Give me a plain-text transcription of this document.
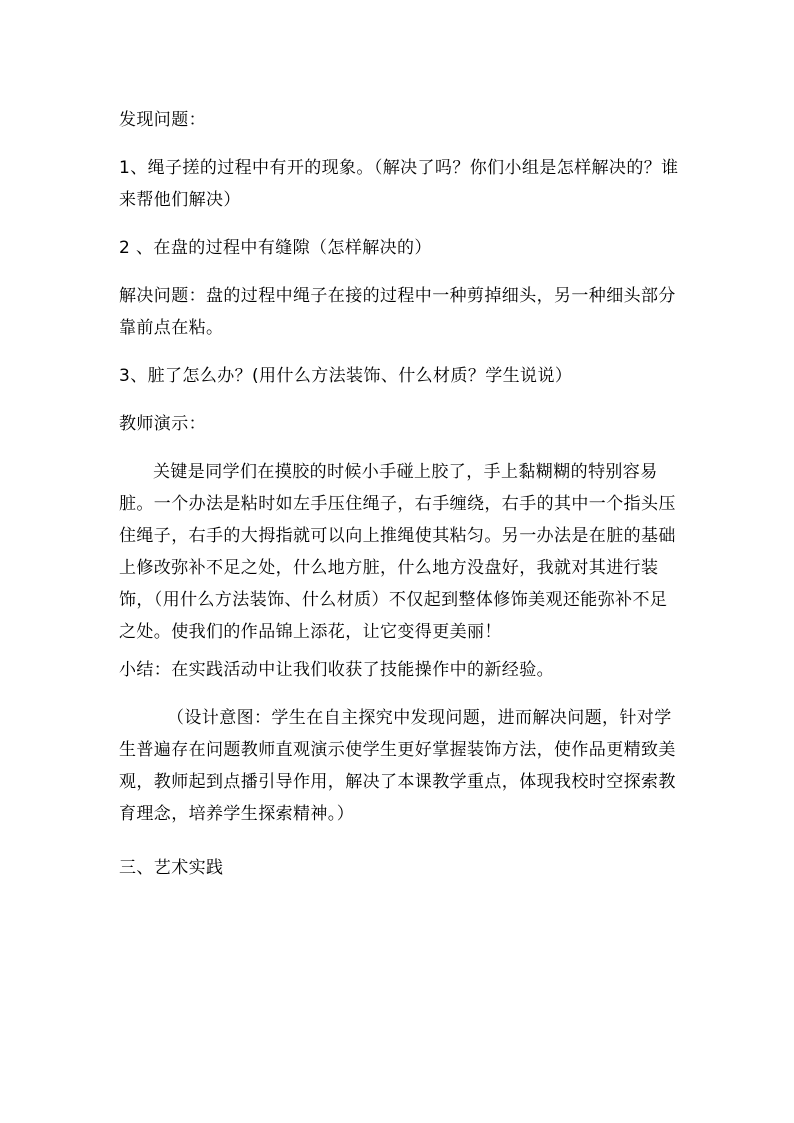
发现问题：

1、绳子搓的过程中有开的现象。（解决了吗？你们小组是怎样解决的？谁来帮他们解决）

2 、在盘的过程中有缝隙（怎样解决的）

解决问题：盘的过程中绳子在接的过程中一种剪掉细头，另一种细头部分靠前点在粘。

3、脏了怎么办？(用什么方法装饰、什么材质？学生说说）

教师演示：

关键是同学们在摸胶的时候小手碰上胶了，手上黏糊糊的特别容易脏。一个办法是粘时如左手压住绳子，右手缠绕，右手的其中一个指头压住绳子，右手的大拇指就可以向上推绳使其粘匀。另一办法是在脏的基础上修改弥补不足之处，什么地方脏，什么地方没盘好，我就对其进行装饰，（用什么方法装饰、什么材质）不仅起到整体修饰美观还能弥补不足之处。使我们的作品锦上添花，让它变得更美丽！

小结：在实践活动中让我们收获了技能操作中的新经验。

（设计意图：学生在自主探究中发现问题，进而解决问题，针对学生普遍存在问题教师直观演示使学生更好掌握装饰方法，使作品更精致美观，教师起到点播引导作用，解决了本课教学重点，体现我校时空探索教育理念，培养学生探索精神。）

三、艺术实践
